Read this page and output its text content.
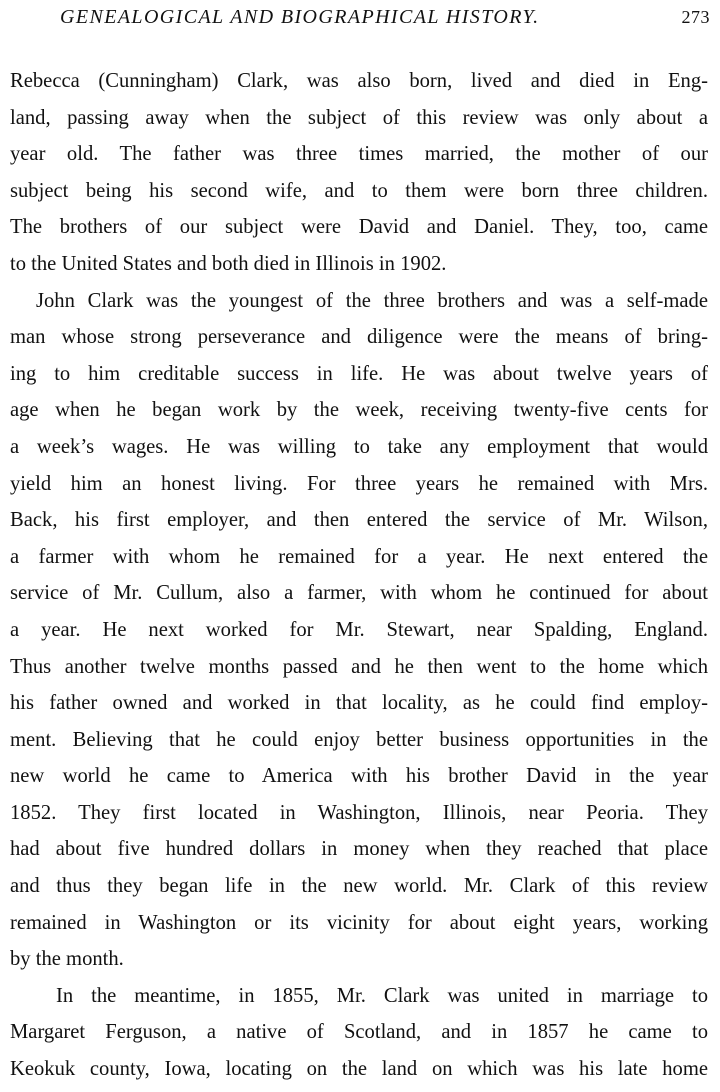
GENEALOGICAL AND BIOGRAPHICAL HISTORY.	273
Rebecca (Cunningham) Clark, was also born, lived and died in Eng-
land, passing away when the subject of this review was only about a
year old. The father was three times married, the mother of our
subject being his second wife, and to them were born three children.
The brothers of our subject were David and Daniel. They, too, came
to the United States and both died in Illinois in 1902.
John Clark was the youngest of the three brothers and was a self-made
man whose strong perseverance and diligence were the means of bring-
ing to him creditable success in life. He was about twelve years of
age when he began work by the week, receiving twenty-five cents for
a week’s wages. He was willing to take any employment that would
yield him an honest living. For three years he remained with Mrs.
Back, his first employer, and then entered the service of Mr. Wilson,
a farmer with whom he remained for a year. He next entered the
service of Mr. Cullum, also a farmer, with whom he continued for about
a year. He next worked for Mr. Stewart, near Spalding, England.
Thus another twelve months passed and he then went to the home which
his father owned and worked in that locality, as he could find employ-
ment. Believing that he could enjoy better business opportunities in the
new world he came to America with his brother David in the year
1852. They first located in Washington, Illinois, near Peoria. They
had about five hundred dollars in money when they reached that place
and thus they began life in the new world. Mr. Clark of this review
remained in Washington or its vicinity for about eight years, working
by the month.
In the meantime, in 1855, Mr. Clark was united in marriage to
Margaret Ferguson, a native of Scotland, and in 1857 he came to
Keokuk county, Iowa, locating on the land on which was his late home
